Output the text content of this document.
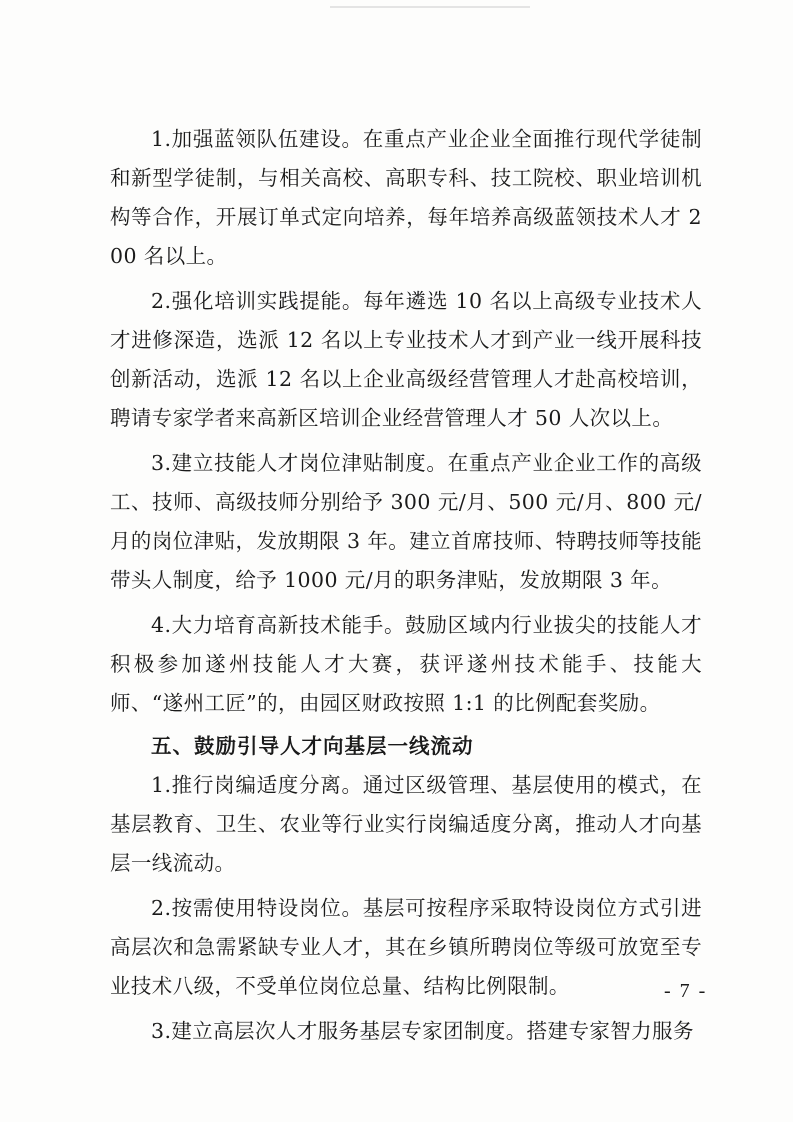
1.加强蓝领队伍建设。在重点产业企业全面推行现代学徒制和新型学徒制，与相关高校、高职专科、技工院校、职业培训机构等合作，开展订单式定向培养，每年培养高级蓝领技术人才 200 名以上。

2.强化培训实践提能。每年遴选 10 名以上高级专业技术人才进修深造，选派 12 名以上专业技术人才到产业一线开展科技创新活动，选派 12 名以上企业高级经营管理人才赴高校培训，聘请专家学者来高新区培训企业经营管理人才 50 人次以上。

3.建立技能人才岗位津贴制度。在重点产业企业工作的高级工、技师、高级技师分别给予 300 元/月、500 元/月、800 元/月的岗位津贴，发放期限 3 年。建立首席技师、特聘技师等技能带头人制度，给予 1000 元/月的职务津贴，发放期限 3 年。

4.大力培育高新技术能手。鼓励区域内行业拔尖的技能人才积极参加遂州技能人才大赛，获评遂州技术能手、技能大师、“遂州工匠”的，由园区财政按照 1:1 的比例配套奖励。

五、鼓励引导人才向基层一线流动

1.推行岗编适度分离。通过区级管理、基层使用的模式，在基层教育、卫生、农业等行业实行岗编适度分离，推动人才向基层一线流动。

2.按需使用特设岗位。基层可按程序采取特设岗位方式引进高层次和急需紧缺专业人才，其在乡镇所聘岗位等级可放宽至专业技术八级，不受单位岗位总量、结构比例限制。

3.建立高层次人才服务基层专家团制度。搭建专家智力服务

- 7 -
